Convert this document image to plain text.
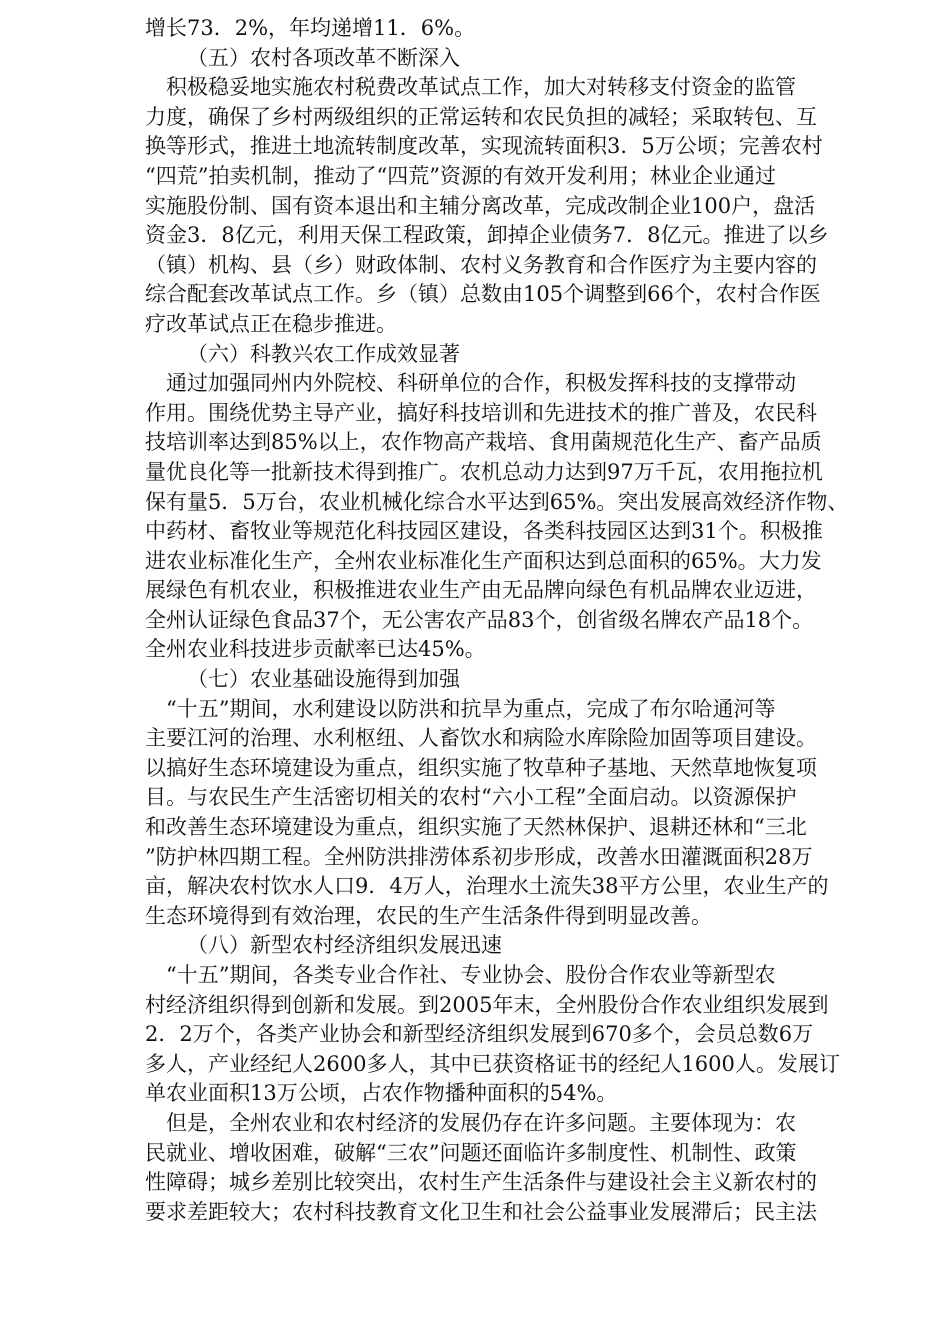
增长73．2%，年均递增11．6%。
（五）农村各项改革不断深入
　积极稳妥地实施农村税费改革试点工作，加大对转移支付资金的监管
力度，确保了乡村两级组织的正常运转和农民负担的减轻；采取转包、互
换等形式，推进土地流转制度改革，实现流转面积3．5万公顷；完善农村
“四荒”拍卖机制，推动了“四荒”资源的有效开发利用；林业企业通过
实施股份制、国有资本退出和主辅分离改革，完成改制企业100户，盘活
资金3．8亿元，利用天保工程政策，卸掉企业债务7．8亿元。推进了以乡
（镇）机构、县（乡）财政体制、农村义务教育和合作医疗为主要内容的
综合配套改革试点工作。乡（镇）总数由105个调整到66个，农村合作医
疗改革试点正在稳步推进。
（六）科教兴农工作成效显著
　通过加强同州内外院校、科研单位的合作，积极发挥科技的支撑带动
作用。围绕优势主导产业，搞好科技培训和先进技术的推广普及，农民科
技培训率达到85%以上，农作物高产栽培、食用菌规范化生产、畜产品质
量优良化等一批新技术得到推广。农机总动力达到97万千瓦，农用拖拉机
保有量5．5万台，农业机械化综合水平达到65%。突出发展高效经济作物、
中药材、畜牧业等规范化科技园区建设，各类科技园区达到31个。积极推
进农业标准化生产，全州农业标准化生产面积达到总面积的65%。大力发
展绿色有机农业，积极推进农业生产由无品牌向绿色有机品牌农业迈进，
全州认证绿色食品37个，无公害农产品83个，创省级名牌农产品18个。
全州农业科技进步贡献率已达45%。
（七）农业基础设施得到加强
　“十五”期间，水利建设以防洪和抗旱为重点，完成了布尔哈通河等
主要江河的治理、水利枢纽、人畜饮水和病险水库除险加固等项目建设。
以搞好生态环境建设为重点，组织实施了牧草种子基地、天然草地恢复项
目。与农民生产生活密切相关的农村“六小工程”全面启动。以资源保护
和改善生态环境建设为重点，组织实施了天然林保护、退耕还林和“三北
”防护林四期工程。全州防洪排涝体系初步形成，改善水田灌溉面积28万
亩，解决农村饮水人口9．4万人，治理水土流失38平方公里，农业生产的
生态环境得到有效治理，农民的生产生活条件得到明显改善。
（八）新型农村经济组织发展迅速
　“十五”期间，各类专业合作社、专业协会、股份合作农业等新型农
村经济组织得到创新和发展。到2005年末，全州股份合作农业组织发展到
2．2万个，各类产业协会和新型经济组织发展到670多个，会员总数6万
多人，产业经纪人2600多人，其中已获资格证书的经纪人1600人。发展订
单农业面积13万公顷，占农作物播种面积的54%。
　但是，全州农业和农村经济的发展仍存在许多问题。主要体现为：农
民就业、增收困难，破解“三农”问题还面临许多制度性、机制性、政策
性障碍；城乡差别比较突出，农村生产生活条件与建设社会主义新农村的
要求差距较大；农村科技教育文化卫生和社会公益事业发展滞后；民主法
